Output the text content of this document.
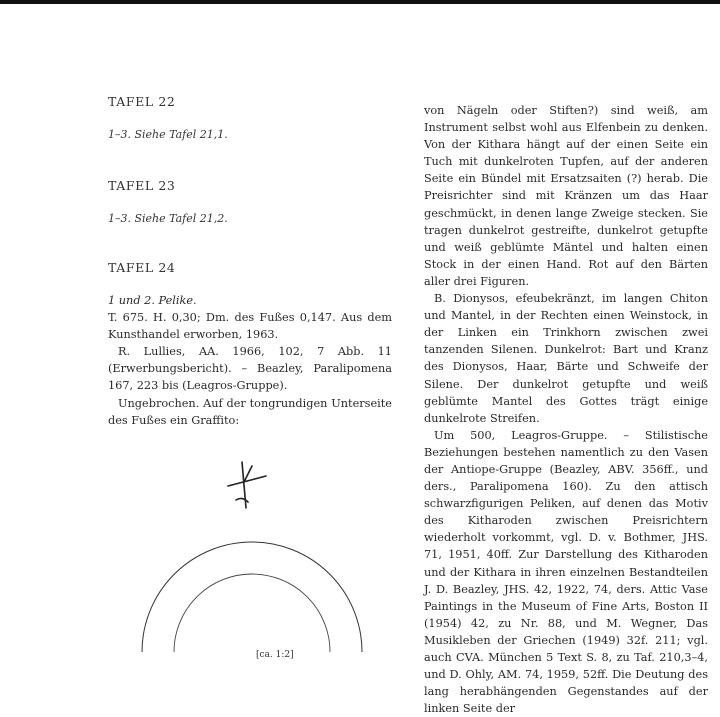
TAFEL 22
1–3. Siehe Tafel 21,1.
TAFEL 23
1–3. Siehe Tafel 21,2.
TAFEL 24

1 und 2. Pelike.

T. 675. H. 0,30; Dm. des Fußes 0,147. Aus dem Kunsthandel erworben, 1963.

R. Lullies, AA. 1966, 102, 7 Abb. 11 (Erwerbungsbericht). – Beazley, Paralipomena 167, 223 bis (Leagros-Gruppe).

Ungebrochen. Auf der tongrundigen Unterseite des Fußes ein Graffito:

[ca. 1:2]

von Nägeln oder Stiften?) sind weiß, am Instrument selbst wohl aus Elfenbein zu denken. Von der Kithara hängt auf der einen Seite ein Tuch mit dunkelroten Tupfen, auf der anderen Seite ein Bündel mit Ersatzsaiten (?) herab. Die Preisrichter sind mit Kränzen um das Haar geschmückt, in denen lange Zweige stecken. Sie tragen dunkelrot gestreifte, dunkelrot getupfte und weiß geblümte Mäntel und halten einen Stock in der einen Hand. Rot auf den Bärten aller drei Figuren.

B. Dionysos, efeubekränzt, im langen Chiton und Mantel, in der Rechten einen Weinstock, in der Linken ein Trinkhorn zwischen zwei tanzenden Silenen. Dunkelrot: Bart und Kranz des Dionysos, Haar, Bärte und Schweife der Silene. Der dunkelrot getupfte und weiß geblümte Mantel des Gottes trägt einige dunkelrote Streifen.

Um 500, Leagros-Gruppe. – Stilistische Beziehungen bestehen namentlich zu den Vasen der Antiope-Gruppe (Beazley, ABV. 356ff., und ders., Paralipomena 160). Zu den attisch schwarzfigurigen Peliken, auf denen das Motiv des Kitharoden zwischen Preisrichtern wiederholt vorkommt, vgl. D. v. Bothmer, JHS. 71, 1951, 40ff. Zur Darstellung des Kitharoden und der Kithara in ihren einzelnen Bestandteilen J. D. Beazley, JHS. 42, 1922, 74, ders. Attic Vase Paintings in the Museum of Fine Arts, Boston II (1954) 42, zu Nr. 88, und M. Wegner, Das Musikleben der Griechen (1949) 32f. 211; vgl. auch CVA. München 5 Text S. 8, zu Taf. 210,3–4, und D. Ohly, AM. 74, 1959, 52ff. Die Deutung des lang herabhängenden Gegenstandes auf der linken Seite der
